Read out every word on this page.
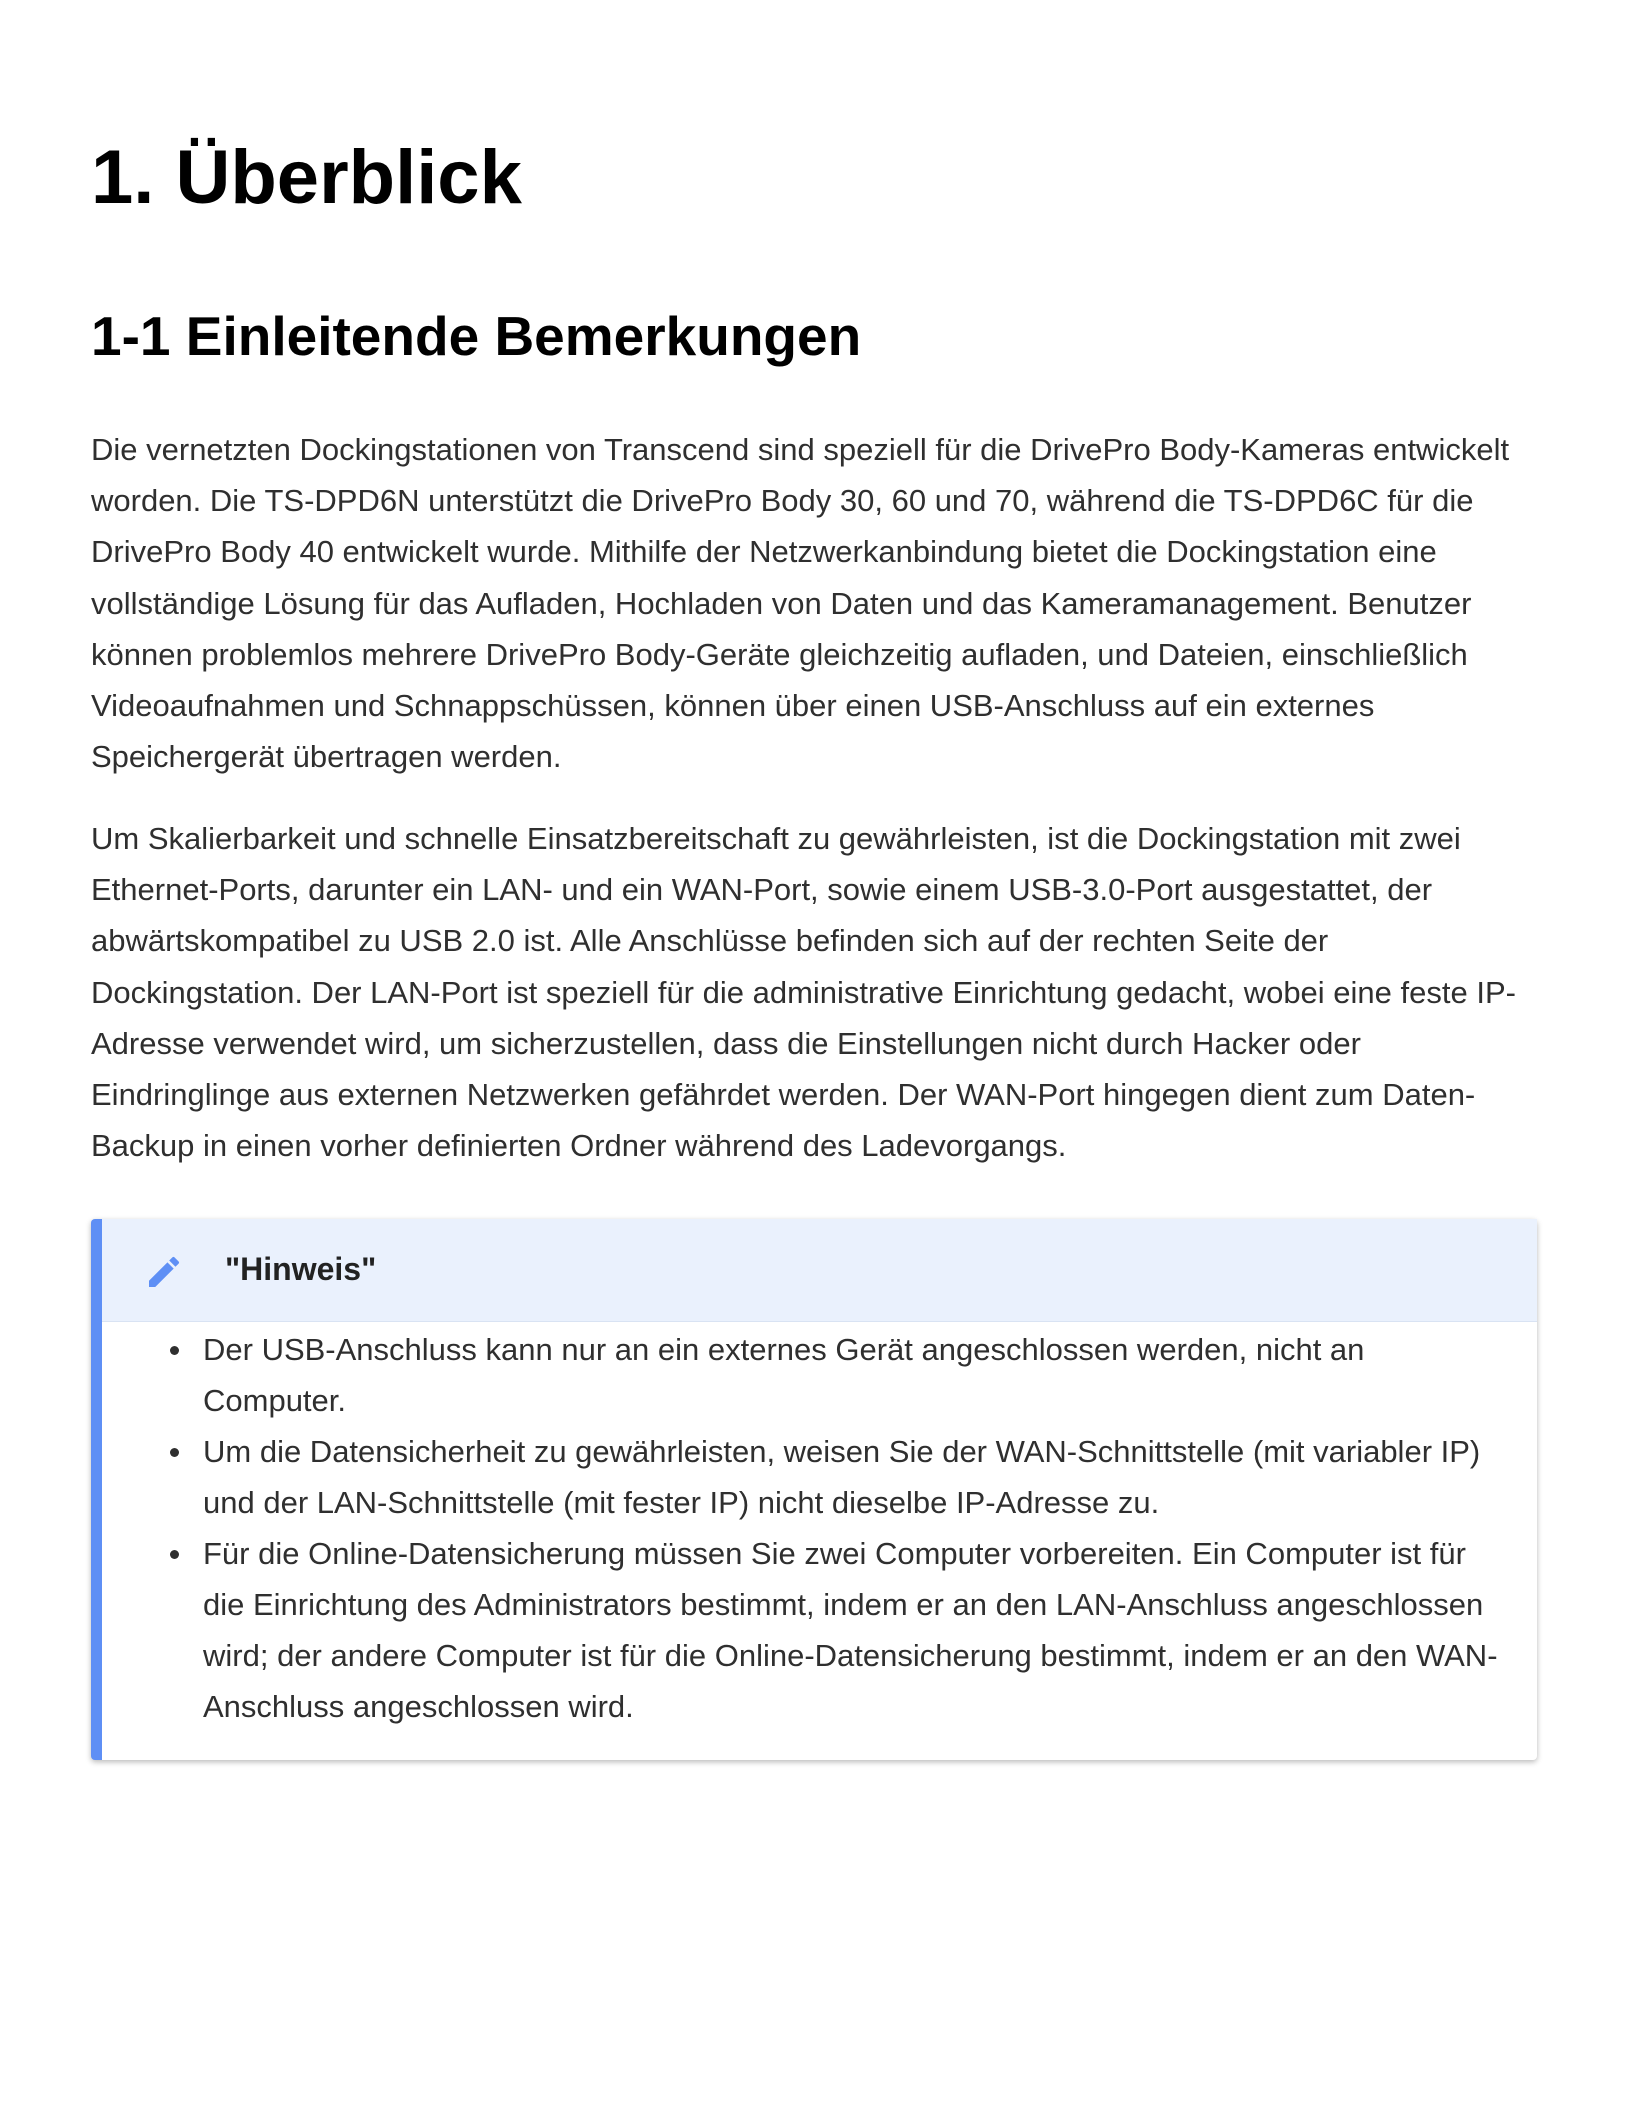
1. Überblick
1-1 Einleitende Bemerkungen

Die vernetzten Dockingstationen von Transcend sind speziell für die DrivePro Body-Kameras entwickelt worden. Die TS-DPD6N unterstützt die DrivePro Body 30, 60 und 70, während die TS-DPD6C für die DrivePro Body 40 entwickelt wurde. Mithilfe der Netzwerkanbindung bietet die Dockingstation eine vollständige Lösung für das Aufladen, Hochladen von Daten und das Kameramanagement. Benutzer können problemlos mehrere DrivePro Body-Geräte gleichzeitig aufladen, und Dateien, einschließlich Videoaufnahmen und Schnappschüssen, können über einen USB-Anschluss auf ein externes Speichergerät übertragen werden.

Um Skalierbarkeit und schnelle Einsatzbereitschaft zu gewährleisten, ist die Dockingstation mit zwei Ethernet-Ports, darunter ein LAN- und ein WAN-Port, sowie einem USB-3.0-Port ausgestattet, der abwärtskompatibel zu USB 2.0 ist. Alle Anschlüsse befinden sich auf der rechten Seite der Dockingstation. Der LAN-Port ist speziell für die administrative Einrichtung gedacht, wobei eine feste IP-Adresse verwendet wird, um sicherzustellen, dass die Einstellungen nicht durch Hacker oder Eindringlinge aus externen Netzwerken gefährdet werden. Der WAN-Port hingegen dient zum Daten-Backup in einen vorher definierten Ordner während des Ladevorgangs.

"Hinweis"
Der USB-Anschluss kann nur an ein externes Gerät angeschlossen werden, nicht an Computer.
Um die Datensicherheit zu gewährleisten, weisen Sie der WAN-Schnittstelle (mit variabler IP) und der LAN-Schnittstelle (mit fester IP) nicht dieselbe IP-Adresse zu.
Für die Online-Datensicherung müssen Sie zwei Computer vorbereiten. Ein Computer ist für die Einrichtung des Administrators bestimmt, indem er an den LAN-Anschluss angeschlossen wird; der andere Computer ist für die Online-Datensicherung bestimmt, indem er an den WAN-Anschluss angeschlossen wird.
